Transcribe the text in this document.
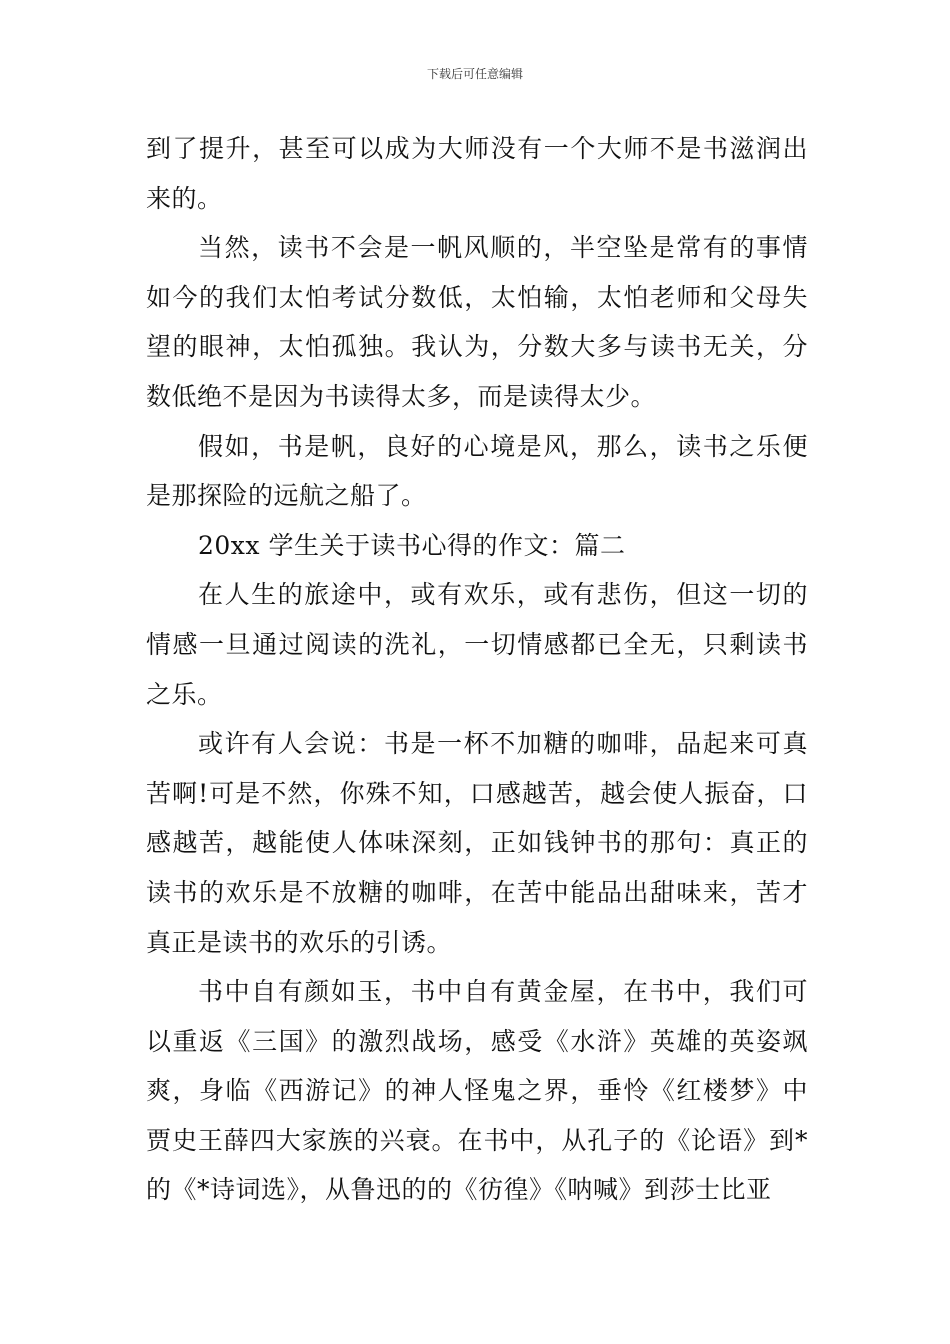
下载后可任意编辑

到了提升，甚至可以成为大师没有一个大师不是书滋润出来的。

当然，读书不会是一帆风顺的，半空坠是常有的事情如今的我们太怕考试分数低，太怕输，太怕老师和父母失望的眼神，太怕孤独。我认为，分数大多与读书无关，分数低绝不是因为书读得太多，而是读得太少。

假如，书是帆，良好的心境是风，那么，读书之乐便是那探险的远航之船了。

20xx 学生关于读书心得的作文：篇二

在人生的旅途中，或有欢乐，或有悲伤，但这一切的情感一旦通过阅读的洗礼，一切情感都已全无，只剩读书之乐。

或许有人会说：书是一杯不加糖的咖啡，品起来可真苦啊!可是不然，你殊不知，口感越苦，越会使人振奋，口感越苦，越能使人体味深刻，正如钱钟书的那句：真正的读书的欢乐是不放糖的咖啡，在苦中能品出甜味来，苦才真正是读书的欢乐的引诱。

书中自有颜如玉，书中自有黄金屋，在书中，我们可以重返《三国》的激烈战场，感受《水浒》英雄的英姿飒爽，身临《西游记》的神人怪鬼之界，垂怜《红楼梦》中贾史王薛四大家族的兴衰。在书中，从孔子的《论语》到*的《*诗词选》，从鲁迅的的《彷徨》《呐喊》到莎士比亚
